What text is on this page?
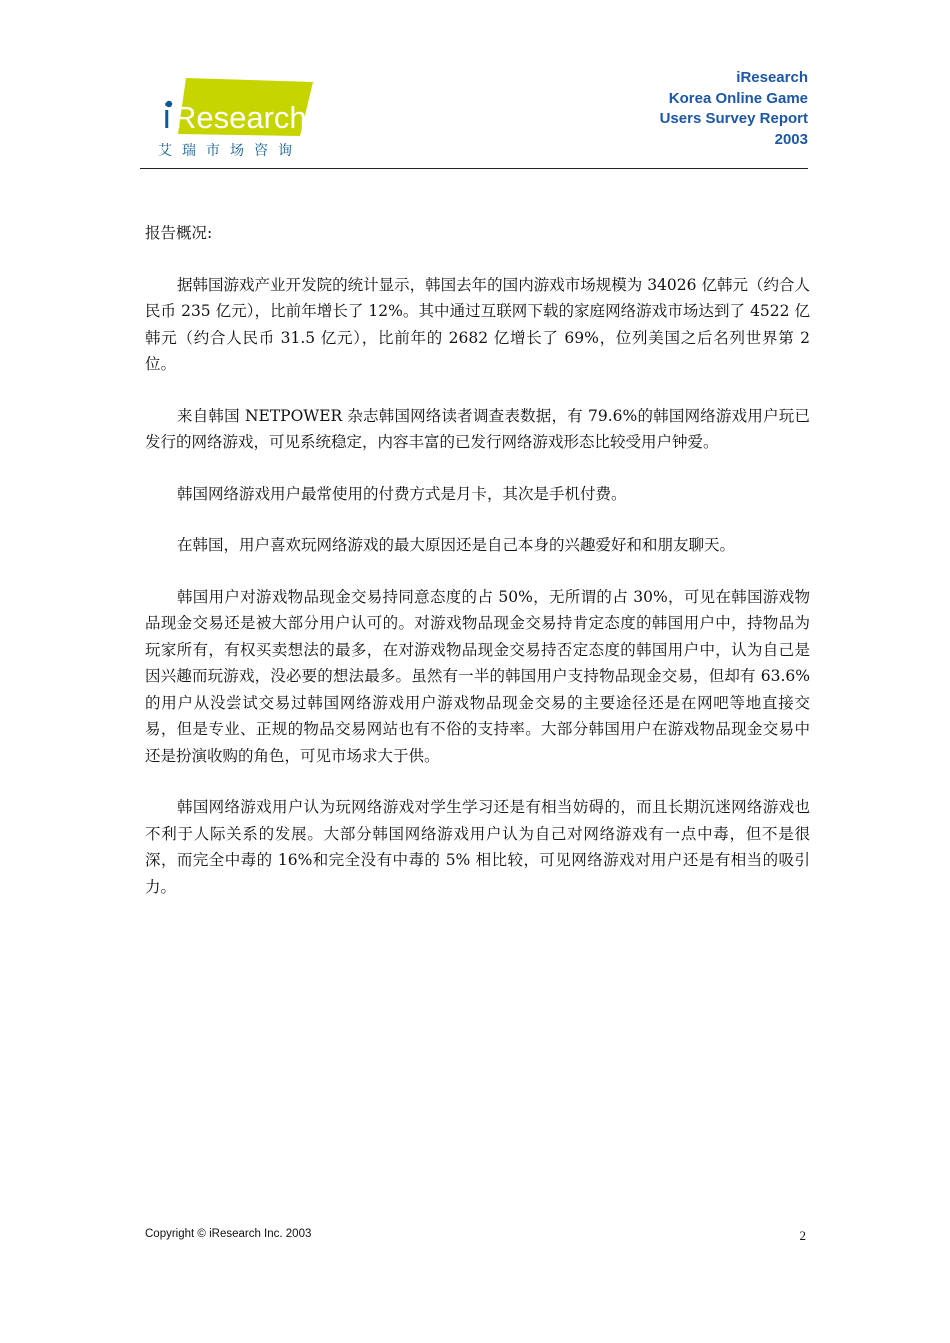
i Research
艾瑞市场咨询
iResearch
Korea Online Game
Users Survey Report
2003

报告概况:

据韩国游戏产业开发院的统计显示，韩国去年的国内游戏市场规模为 34026 亿韩元（约合人民币 235 亿元），比前年增长了 12%。其中通过互联网下载的家庭网络游戏市场达到了 4522 亿韩元（约合人民币 31.5 亿元），比前年的 2682 亿增长了 69%，位列美国之后名列世界第 2 位。

来自韩国 NETPOWER 杂志韩国网络读者调查表数据，有 79.6%的韩国网络游戏用户玩已发行的网络游戏，可见系统稳定，内容丰富的已发行网络游戏形态比较受用户钟爱。

韩国网络游戏用户最常使用的付费方式是月卡，其次是手机付费。

在韩国，用户喜欢玩网络游戏的最大原因还是自己本身的兴趣爱好和和朋友聊天。

韩国用户对游戏物品现金交易持同意态度的占 50%，无所谓的占 30%，可见在韩国游戏物品现金交易还是被大部分用户认可的。对游戏物品现金交易持肯定态度的韩国用户中，持物品为玩家所有，有权买卖想法的最多，在对游戏物品现金交易持否定态度的韩国用户中，认为自己是因兴趣而玩游戏，没必要的想法最多。虽然有一半的韩国用户支持物品现金交易，但却有 63.6%的用户从没尝试交易过韩国网络游戏用户游戏物品现金交易的主要途径还是在网吧等地直接交易，但是专业、正规的物品交易网站也有不俗的支持率。大部分韩国用户在游戏物品现金交易中还是扮演收购的角色，可见市场求大于供。

韩国网络游戏用户认为玩网络游戏对学生学习还是有相当妨碍的，而且长期沉迷网络游戏也不利于人际关系的发展。大部分韩国网络游戏用户认为自己对网络游戏有一点中毒，但不是很深，而完全中毒的 16%和完全没有中毒的 5% 相比较，可见网络游戏对用户还是有相当的吸引力。

Copyright © iResearch Inc. 2003	2
